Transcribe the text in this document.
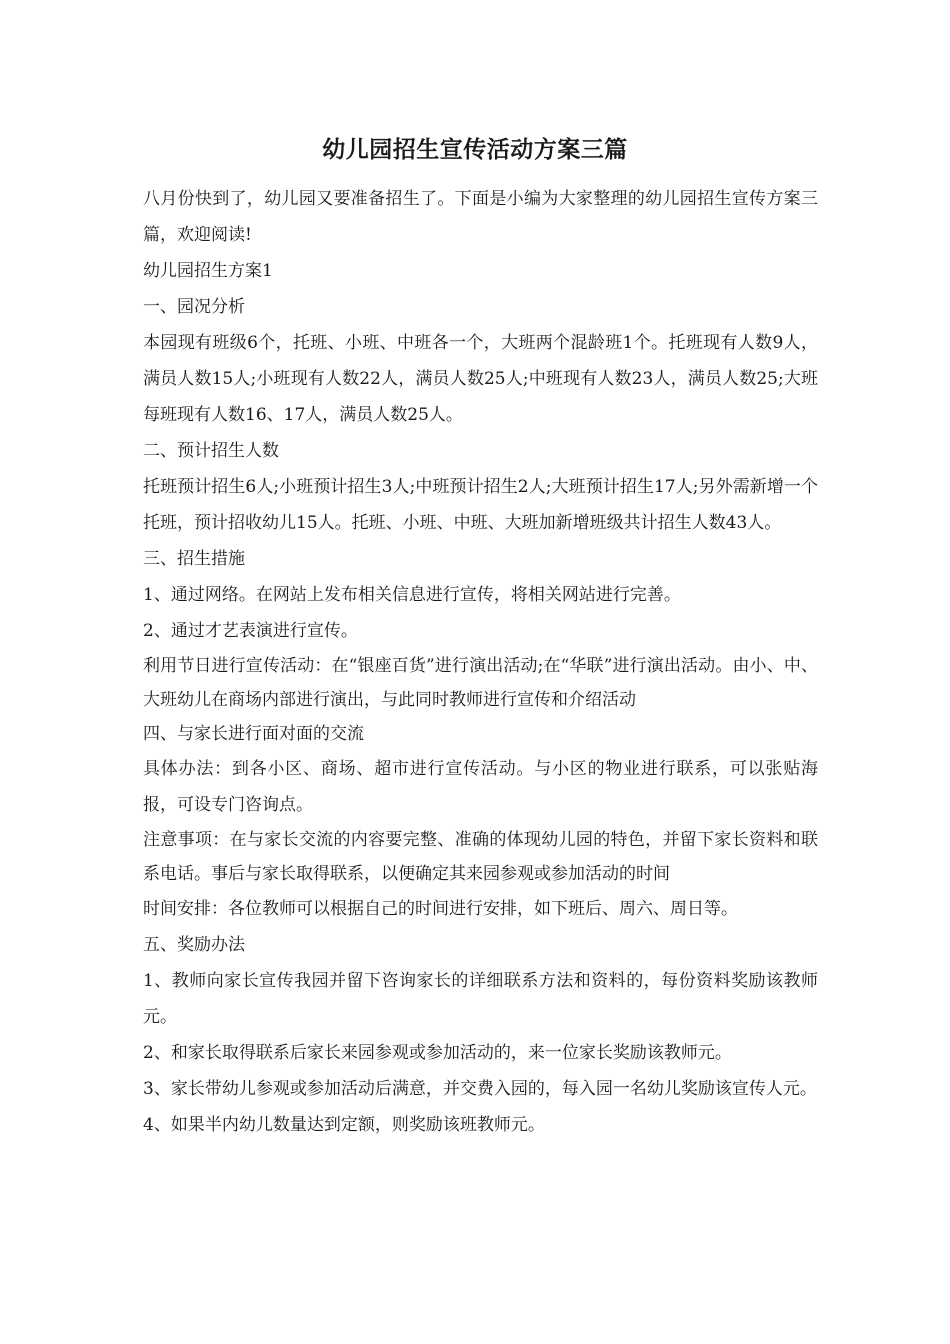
幼儿园招生宣传活动方案三篇

八月份快到了，幼儿园又要准备招生了。下面是小编为大家整理的幼儿园招生宣传方案三篇，欢迎阅读!

幼儿园招生方案1

一、园况分析

本园现有班级6个，托班、小班、中班各一个，大班两个混龄班1个。托班现有人数9人，满员人数15人;小班现有人数22人，满员人数25人;中班现有人数23人，满员人数25;大班每班现有人数16、17人，满员人数25人。

二、预计招生人数

托班预计招生6人;小班预计招生3人;中班预计招生2人;大班预计招生17人;另外需新增一个托班，预计招收幼儿15人。托班、小班、中班、大班加新增班级共计招生人数43人。

三、招生措施

1、通过网络。在网站上发布相关信息进行宣传，将相关网站进行完善。

2、通过才艺表演进行宣传。

利用节日进行宣传活动：在“银座百货”进行演出活动;在“华联”进行演出活动。由小、中、大班幼儿在商场内部进行演出，与此同时教师进行宣传和介绍活动

四、与家长进行面对面的交流

具体办法：到各小区、商场、超市进行宣传活动。与小区的物业进行联系，可以张贴海报，可设专门咨询点。

注意事项：在与家长交流的内容要完整、准确的体现幼儿园的特色，并留下家长资料和联系电话。事后与家长取得联系，以便确定其来园参观或参加活动的时间

时间安排：各位教师可以根据自己的时间进行安排，如下班后、周六、周日等。

五、奖励办法

1、教师向家长宣传我园并留下咨询家长的详细联系方法和资料的，每份资料奖励该教师元。

2、和家长取得联系后家长来园参观或参加活动的，来一位家长奖励该教师元。

3、家长带幼儿参观或参加活动后满意，并交费入园的，每入园一名幼儿奖励该宣传人元。

4、如果半内幼儿数量达到定额，则奖励该班教师元。
